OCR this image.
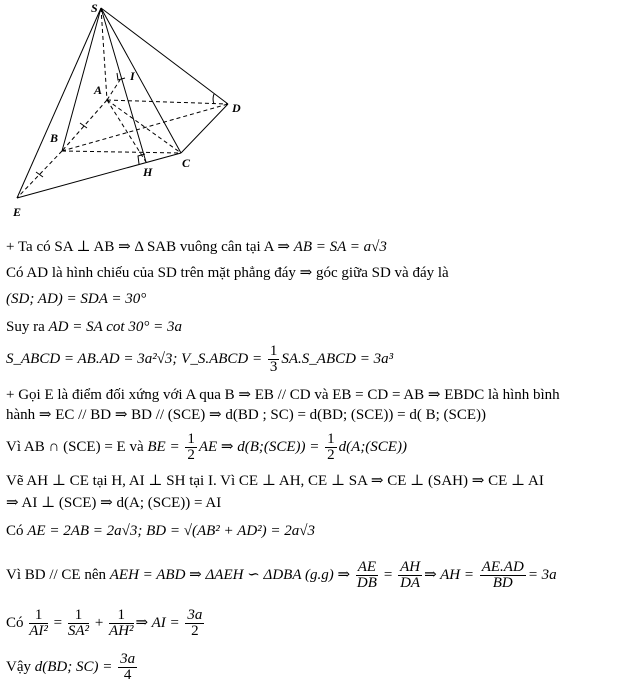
S
A
I
D
B
C
H
E
+ Ta có SA ⊥ AB ⇒ Δ SAB vuông cân tại A ⇒ AB = SA = a√3
Có AD là hình chiếu của SD trên mặt phẳng đáy ⇒ góc giữa SD và đáy là
(SD; AD) = SDA = 30°
Suy ra AD = SA cot 30° = 3a
S_ABCD = AB.AD = 3a²√3; V_S.ABCD = $\frac{1}{3}$ SA.S_ABCD = 3a³
+ Gọi E là điểm đối xứng với A qua B ⇒ EB // CD và EB = CD = AB ⇒ EBDC là hình bình
hành ⇒ EC // BD ⇒ BD // (SCE) ⇒ d(BD ; SC) = d(BD; (SCE)) = d( B; (SCE))
Vì AB ∩ (SCE) = E và BE = $\frac{1}{2}$ AE ⇒ d(B;(SCE)) = $\frac{1}{2}$ d(A;(SCE))
Vẽ AH ⊥ CE tại H, AI ⊥ SH tại I. Vì CE ⊥ AH, CE ⊥ SA ⇒ CE ⊥ (SAH) ⇒ CE ⊥ AI
⇒ AI ⊥ (SCE) ⇒ d(A; (SCE)) = AI
Có AE = 2AB = 2a√3; BD = √(AB² + AD²) = 2a√3
Vì BD // CE nên AEH = ABD ⇒ ΔAEH ∽ ΔDBA (g.g) ⇒ $\frac{AE}{DB} = \frac{AH}{DA}$ ⇒ AH = $\frac{AE.AD}{BD} = 3a$
Có $\frac{1}{\text{AI²}} = \frac{1}{\text{SA²}} + \frac{1}{\text{AH²}}$ ⇒ AI = $\frac{3a}{2}$
Vậy d(BD; $SC) = \frac{3a}{4}$
